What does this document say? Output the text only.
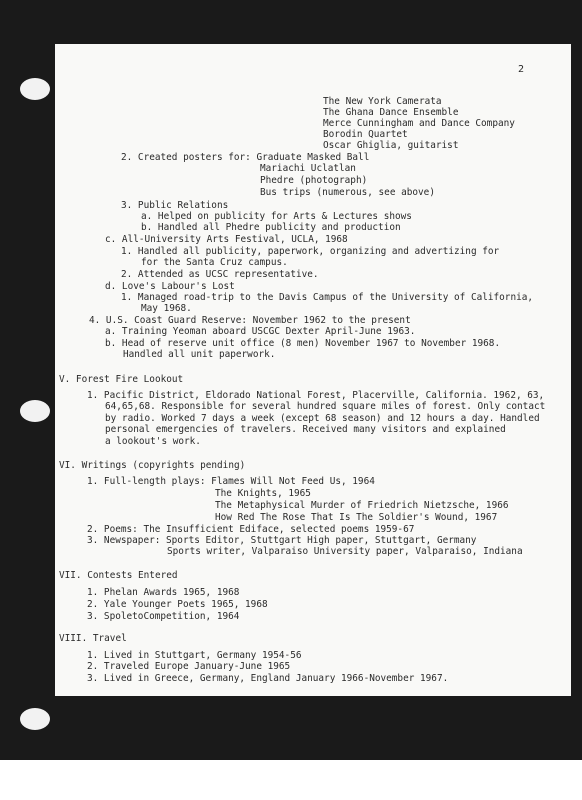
2
The New York Camerata
The Ghana Dance Ensemble
Merce Cunningham and Dance Company
Borodin Quartet
Oscar Ghiglia, guitarist
2. Created posters for: Graduate Masked Ball
Mariachi Uclatlan
Phedre (photograph)
Bus trips (numerous, see above)
3. Public Relations
a. Helped on publicity for Arts & Lectures shows
b. Handled all Phedre publicity and production
c. All-University Arts Festival, UCLA, 1968
1. Handled all publicity, paperwork, organizing and advertizing for
for the Santa Cruz campus.
2. Attended as UCSC representative.
d. Love's Labour's Lost
1. Managed road-trip to the Davis Campus of the University of California,
May 1968.
4. U.S. Coast Guard Reserve: November 1962 to the present
a. Training Yeoman aboard USCGC Dexter April-June 1963.
b. Head of reserve unit office (8 men) November 1967 to November 1968.
Handled all unit paperwork.
V. Forest Fire Lookout
1. Pacific District, Eldorado National Forest, Placerville, California. 1962, 63,
64,65,68. Responsible for several hundred square miles of forest. Only contact
by radio. Worked 7 days a week (except 68 season) and 12 hours a day. Handled
personal emergencies of travelers. Received many visitors and explained
a lookout's work.
VI. Writings (copyrights pending)
1. Full-length plays: Flames Will Not Feed Us, 1964
The Knights, 1965
The Metaphysical Murder of Friedrich Nietzsche, 1966
How Red The Rose That Is The Soldier's Wound, 1967
2. Poems: The Insufficient Ediface, selected poems 1959-67
3. Newspaper: Sports Editor, Stuttgart High paper, Stuttgart, Germany
Sports writer, Valparaiso University paper, Valparaiso, Indiana
VII. Contests Entered
1. Phelan Awards 1965, 1968
2. Yale Younger Poets 1965, 1968
3. SpoletoCompetition, 1964
VIII. Travel
1. Lived in Stuttgart, Germany 1954-56
2. Traveled Europe January-June 1965
3. Lived in Greece, Germany, England January 1966-November 1967.
